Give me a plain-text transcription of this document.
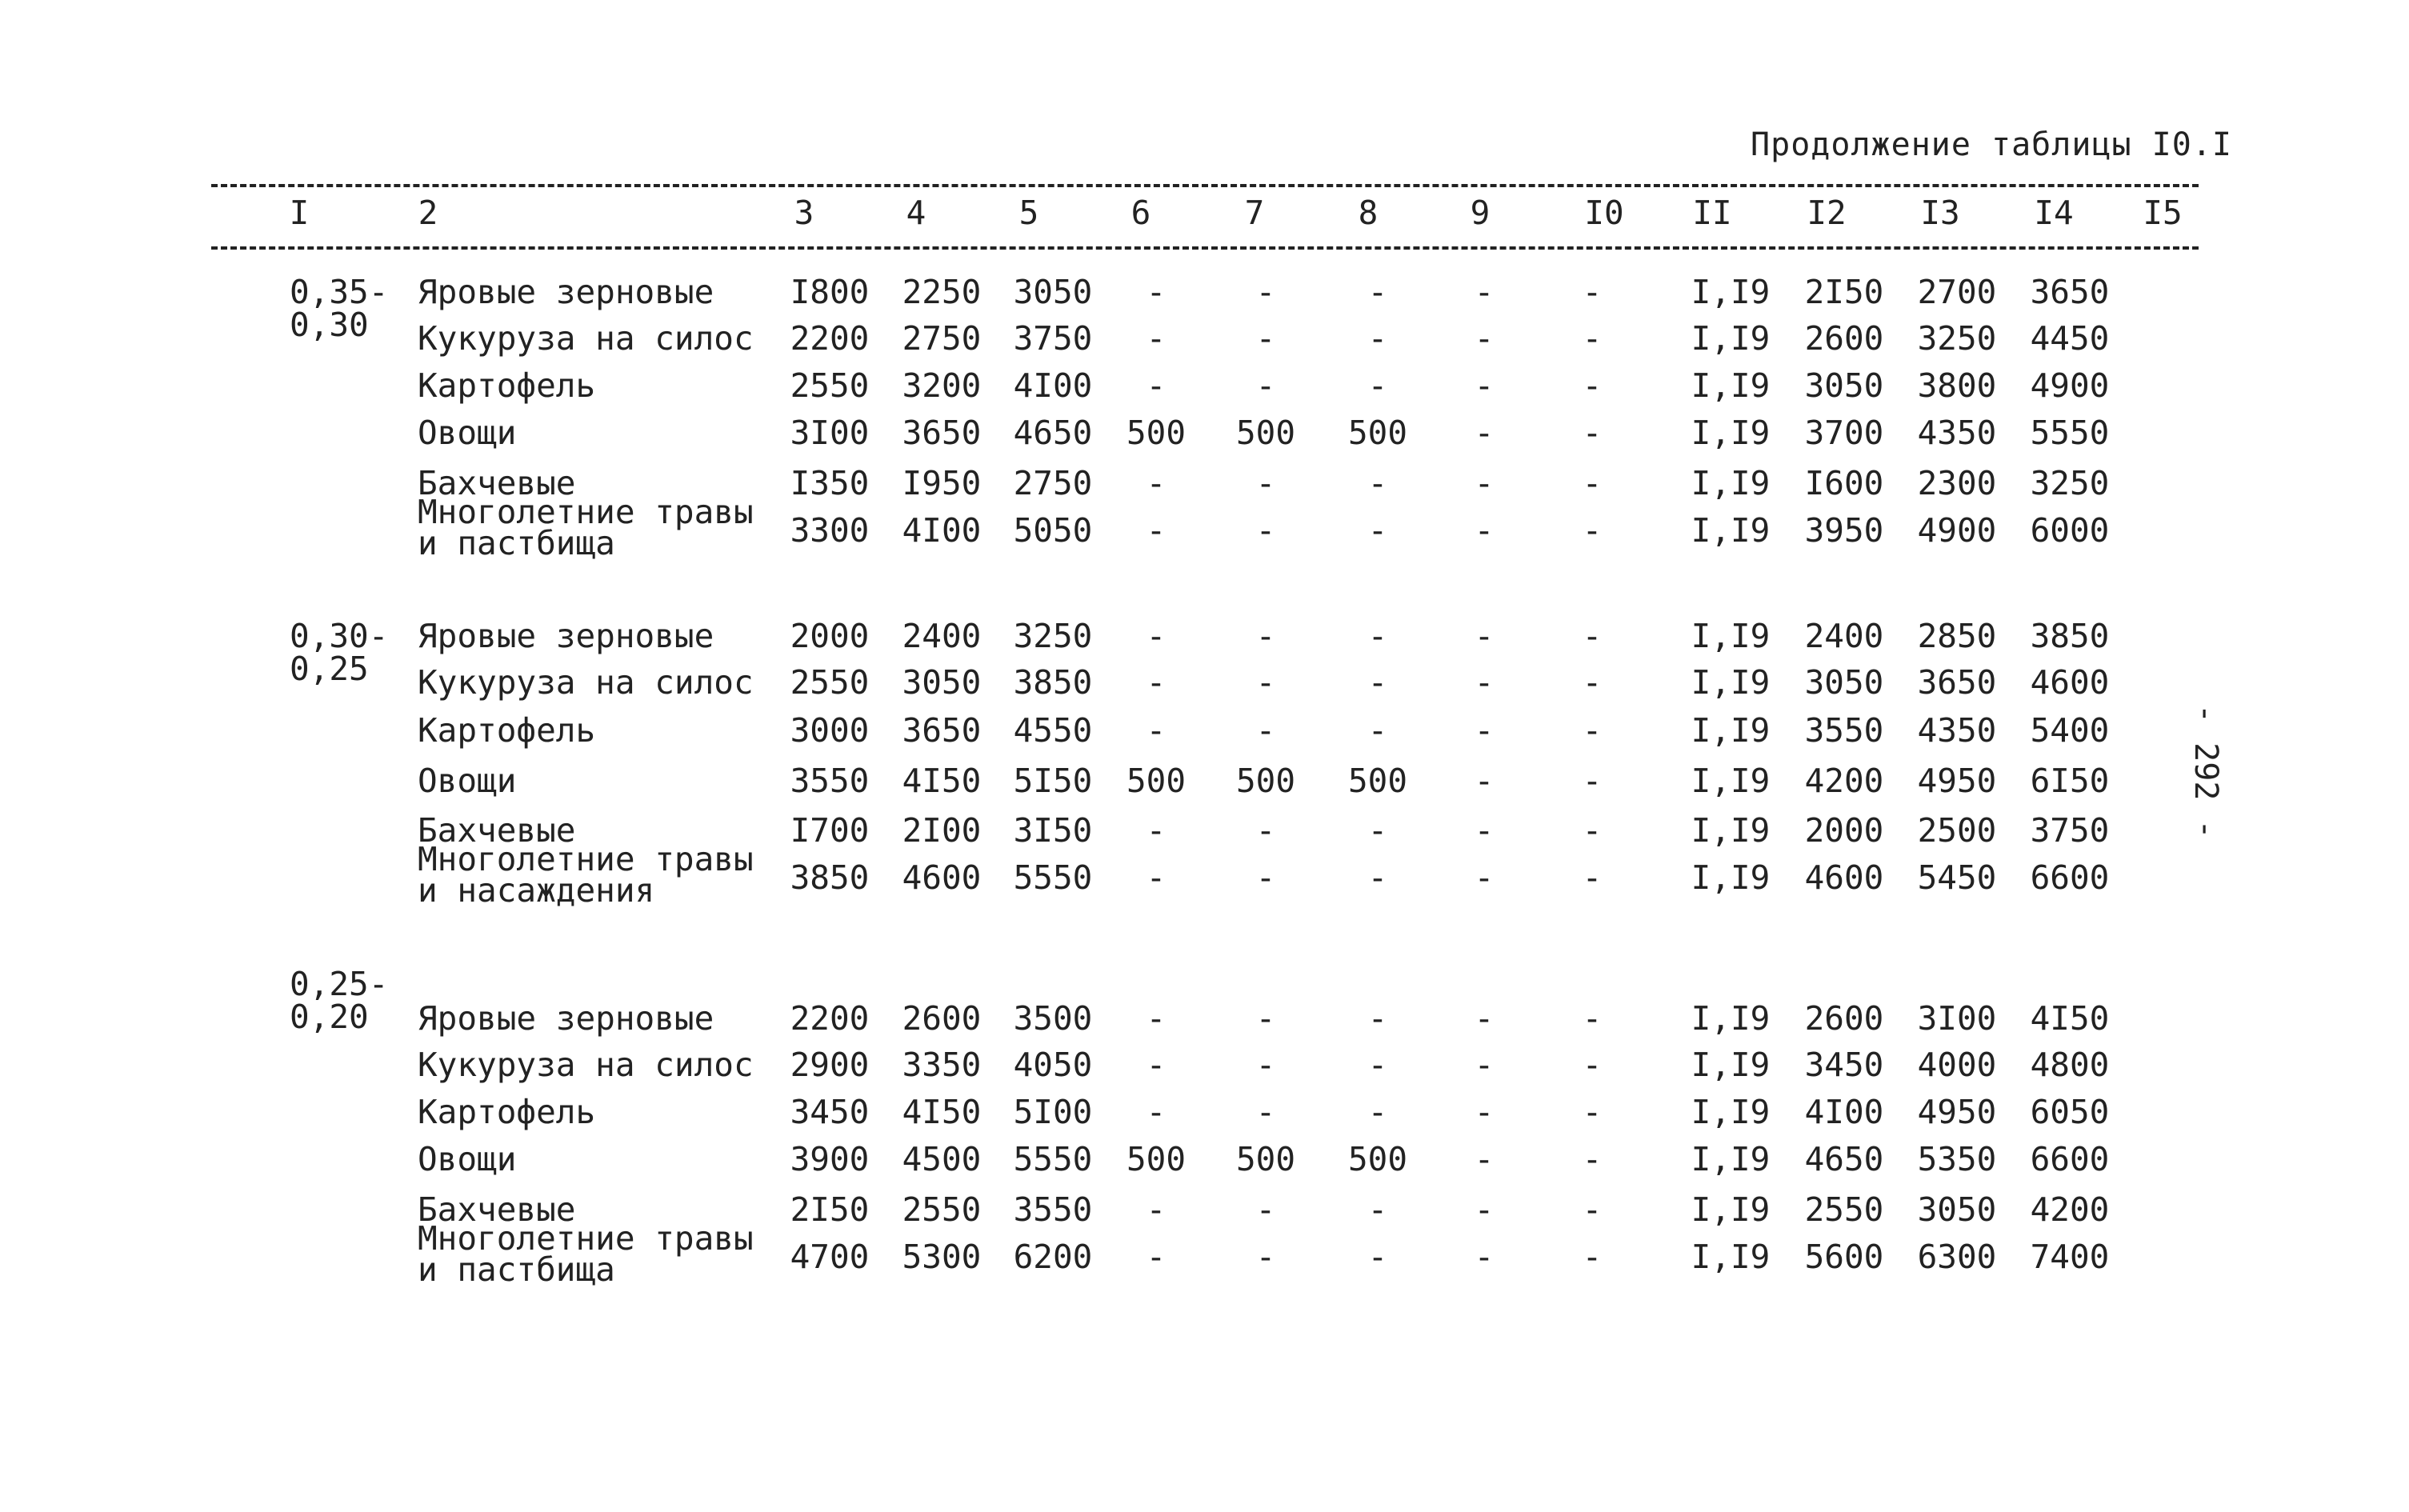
Продолжение таблицы I0.I
I	2	3	4	5	6	7	8	9	I0 II I2 I3 I4 I5
0,35-
0,30
Яровые зерновые I800 2250 3050 -	-	-	-	-	I,I9 2I50 2700 3650
Кукуруза на силос 2200 2750 3750 -	-	-	-	-	I,I9 2600 3250 4450
Картофель	2550 3200 4I00 -	-	-	-	-	I,I9 3050 3800 4900
Овощи	3I00 3650 4650 500 500 500 -	-	I,I9 3700 4350 5550
Бахчевые	I350 I950 2750 -	-	-	-	-	I,I9 I600 2300 3250
Многолетние травы
и пастбища	3300 4I00 5050 -	-	-	-	-	I,I9 3950 4900 6000
0,30-
0,25
Яровые зерновые 2000 2400 3250 -	-	-	-	-	I,I9 2400 2850 3850
Кукуруза на силос 2550 3050 3850 -	-	-	-	-	I,I9 3050 3650 4600
Картофель	3000 3650 4550 -	-	-	-	-	I,I9 3550 4350 5400
Овощи	3550 4I50 5I50 500 500 500 -	-	I,I9 4200 4950 6I50
Бахчевые	I700 2I00 3I50 -	-	-	-	-	I,I9 2000 2500 3750
Многолетние травы
и насаждения	3850 4600 5550 -	-	-	-	-	I,I9 4600 5450 6600
0,25-
0,20	Яровые зерновые 2200 2600 3500 -	-	-	-	-	I,I9 2600 3I00 4I50
Кукуруза на силос 2900 3350 4050 -	-	-	-	-	I,I9 3450 4000 4800
Картофель	3450 4I50 5I00 -	-	-	-	-	I,I9 4I00 4950 6050
Овощи	3900 4500 5550 500 500 500 -	-	I,I9 4650 5350 6600
Бахчевые	2I50 2550 3550 -	-	-	-	-	I,I9 2550 3050 4200
Многолетние травы
и пастбища	4700 5300 6200 -	-	-	-	-	I,I9 5600 6300 7400
- 292 -
